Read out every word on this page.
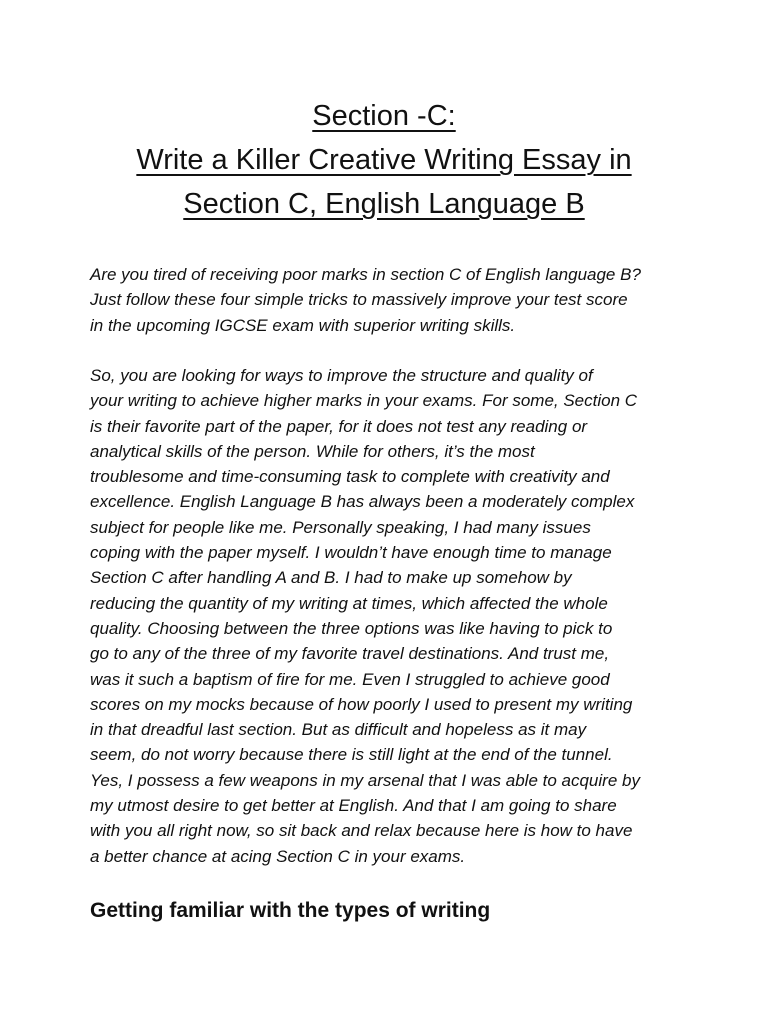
Section -C:
Write a Killer Creative Writing Essay in
Section C, English Language B

Are you tired of receiving poor marks in section C of English language B?
Just follow these four simple tricks to massively improve your test score
in the upcoming IGCSE exam with superior writing skills.

So, you are looking for ways to improve the structure and quality of
your writing to achieve higher marks in your exams. For some, Section C
is their favorite part of the paper, for it does not test any reading or
analytical skills of the person. While for others, it’s the most
troublesome and time-consuming task to complete with creativity and
excellence. English Language B has always been a moderately complex
subject for people like me. Personally speaking, I had many issues
coping with the paper myself. I wouldn’t have enough time to manage
Section C after handling A and B. I had to make up somehow by
reducing the quantity of my writing at times, which affected the whole
quality. Choosing between the three options was like having to pick to
go to any of the three of my favorite travel destinations. And trust me,
was it such a baptism of fire for me. Even I struggled to achieve good
scores on my mocks because of how poorly I used to present my writing
in that dreadful last section. But as difficult and hopeless as it may
seem, do not worry because there is still light at the end of the tunnel.
Yes, I possess a few weapons in my arsenal that I was able to acquire by
my utmost desire to get better at English. And that I am going to share
with you all right now, so sit back and relax because here is how to have
a better chance at acing Section C in your exams.

Getting familiar with the types of writing
